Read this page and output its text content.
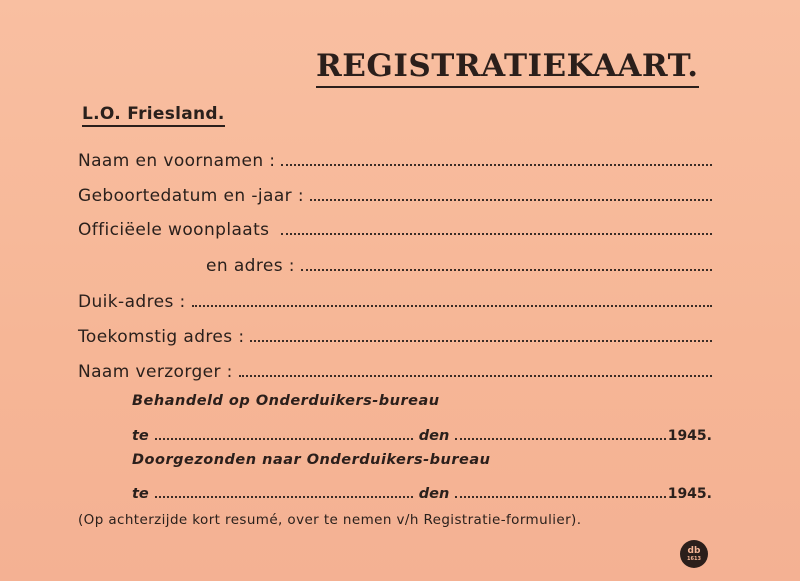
REGISTRATIEKAART.
L.O. Friesland.
Naam en voornamen :
Geboortedatum en -jaar :
Officiëele woonplaats
en adres :
Duik-adres :
Toekomstig adres :
Naam verzorger :
Behandeld op Onderduikers-bureau
te	den	1945.
Doorgezonden naar Onderduikers-bureau
te	den	1945.
(Op achterzijde kort resumé, over te nemen v/h Registratie-formulier).
db
1613
